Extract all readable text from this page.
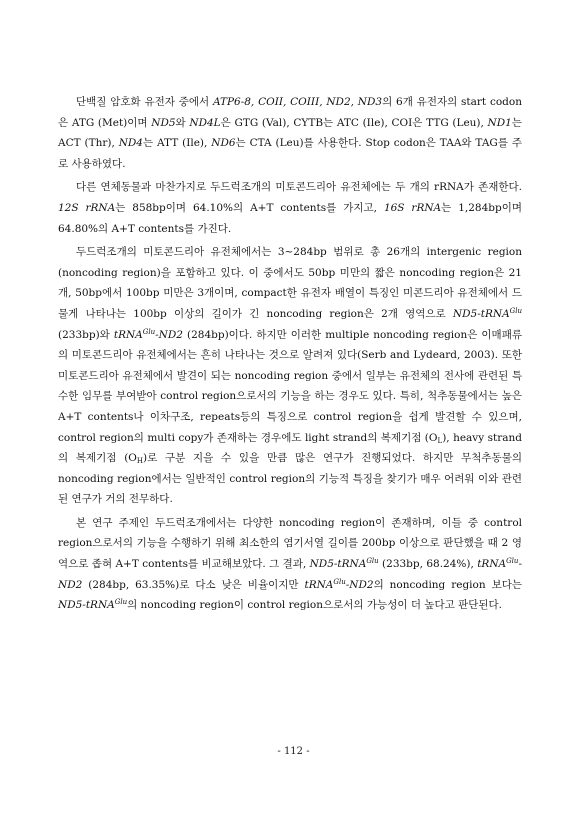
단백질 암호화 유전자 중에서 ATP6-8, COII, COIII, ND2, ND3의 6개 유전자의 start codon은 ATG (Met)이며 ND5와 ND4L은 GTG (Val), CYTB는 ATC (Ile), COI은 TTG (Leu), ND1는 ACT (Thr), ND4는 ATT (Ile), ND6는 CTA (Leu)를 사용한다. Stop codon은 TAA와 TAG를 주로 사용하였다.

다른 연체동물과 마찬가지로 두드럭조개의 미토콘드리아 유전체에는 두 개의 rRNA가 존재한다. 12S rRNA는 858bp이며 64.10%의 A+T contents를 가지고, 16S rRNA는 1,284bp이며 64.80%의 A+T contents를 가진다.

두드럭조개의 미토콘드리아 유전체에서는 3~284bp 범위로 총 26개의 intergenic region (noncoding region)을 포함하고 있다. 이 중에서도 50bp 미만의 짧은 noncoding region은 21개, 50bp에서 100bp 미만은 3개이며, compact한 유전자 배열이 특징인 미콘드리아 유전체에서 드물게 나타나는 100bp 이상의 길이가 긴 noncoding region은 2개 영역으로 ND5-tRNA$^{Glu}$ (233bp)와 tRNA$^{Glu}$-ND2 (284bp)이다. 하지만 이러한 multiple noncoding region은 이매패류의 미토콘드리아 유전체에서는 흔히 나타나는 것으로 알려져 있다(Serb and Lydeard, 2003). 또한 미토콘드리아 유전체에서 발견이 되는 noncoding region 중에서 일부는 유전체의 전사에 관련된 특수한 임무를 부여받아 control region으로서의 기능을 하는 경우도 있다. 특히, 척추동물에서는 높은 A+T contents나 이차구조, repeats등의 특징으로 control region을 쉽게 발견할 수 있으며, control region의 multi copy가 존재하는 경우에도 light strand의 복제기점 $(O_L)$, heavy strand의 복제기점 $(O_H)$로 구분 지을 수 있을 만큼 많은 연구가 진행되었다. 하지만 무척추동물의 noncoding region에서는 일반적인 control region의 기능적 특징을 찾기가 매우 어려워 이와 관련된 연구가 거의 전무하다.

본 연구 주제인 두드럭조개에서는 다양한 noncoding region이 존재하며, 이들 중 control region으로서의 기능을 수행하기 위해 최소한의 염기서열 길이를 200bp 이상으로 판단했을 때 2 영역으로 좁혀 A+T contents를 비교해보았다. 그 결과, ND5-tRNA$^{Glu}$ (233bp, 68.24%), tRNA$^{Glu}$-ND2 (284bp, 63.35%)로 다소 낮은 비율이지만 tRNA$^{Glu}$-ND2의 noncoding region 보다는 ND5-tRNA$^{Glu}$의 noncoding region이 control region으로서의 가능성이 더 높다고 판단된다.

- 112 -
